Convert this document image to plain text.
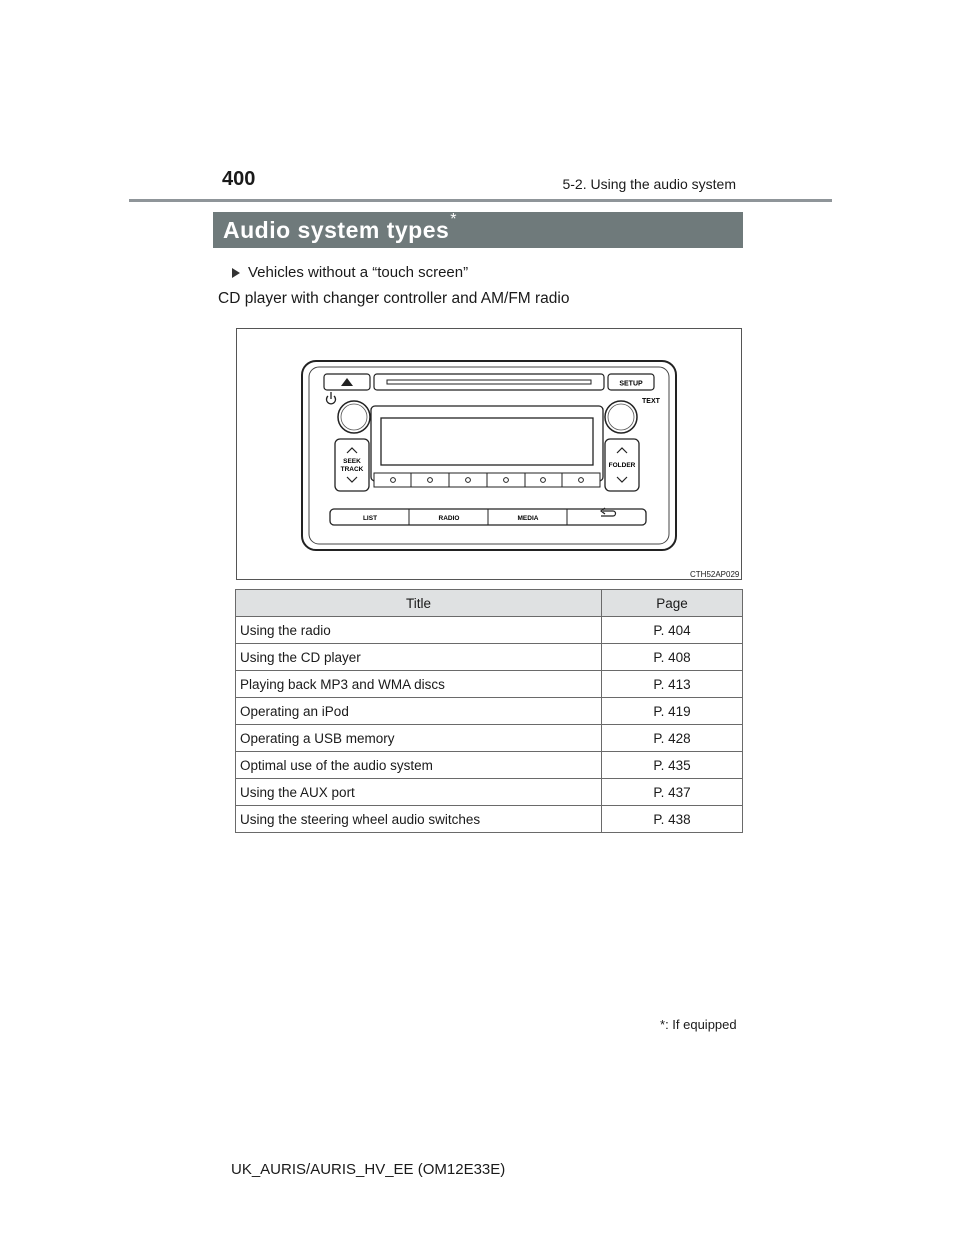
400	5-2. Using the audio system
Audio system types *
Vehicles without a “touch screen”
CD player with changer controller and AM/FM radio
SETUP
TEXT
SEEK
TRACK
FOLDER
LIST	RADIO	MEDIA
CTH52AP029
Title	Page
Using the radio	P. 404
Using the CD player	P. 408
Playing back MP3 and WMA discs	P. 413
Operating an iPod	P. 419
Operating a USB memory	P. 428
Optimal use of the audio system	P. 435
Using the AUX port	P. 437
Using the steering wheel audio switches	P. 438
*: If equipped
UK_AURIS/AURIS_HV_EE (OM12E33E)
